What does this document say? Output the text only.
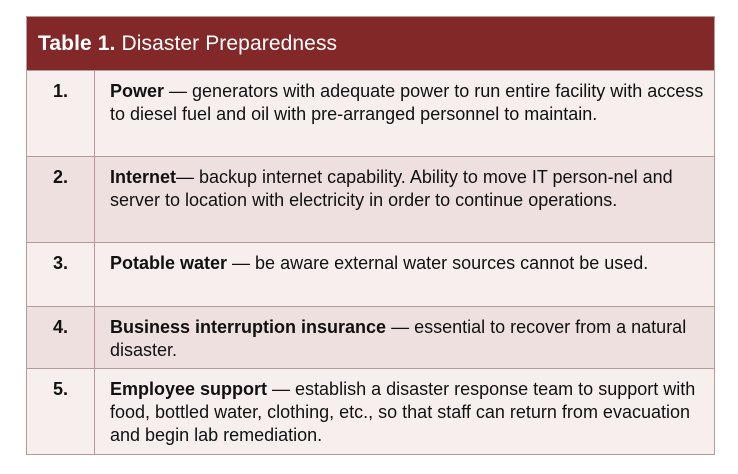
Table 1. Disaster Preparedness
1.	Power — generators with adequate power to run entire facility with access to diesel fuel and oil with pre-arranged personnel to maintain.
2.	Internet— backup internet capability. Ability to move IT person-nel and server to location with electricity in order to continue operations.
3.	Potable water — be aware external water sources cannot be used.
4.	Business interruption insurance — essential to recover from a natural disaster.
5.	Employee support — establish a disaster response team to support with food, bottled water, clothing, etc., so that staff can return from evacuation and begin lab remediation.
